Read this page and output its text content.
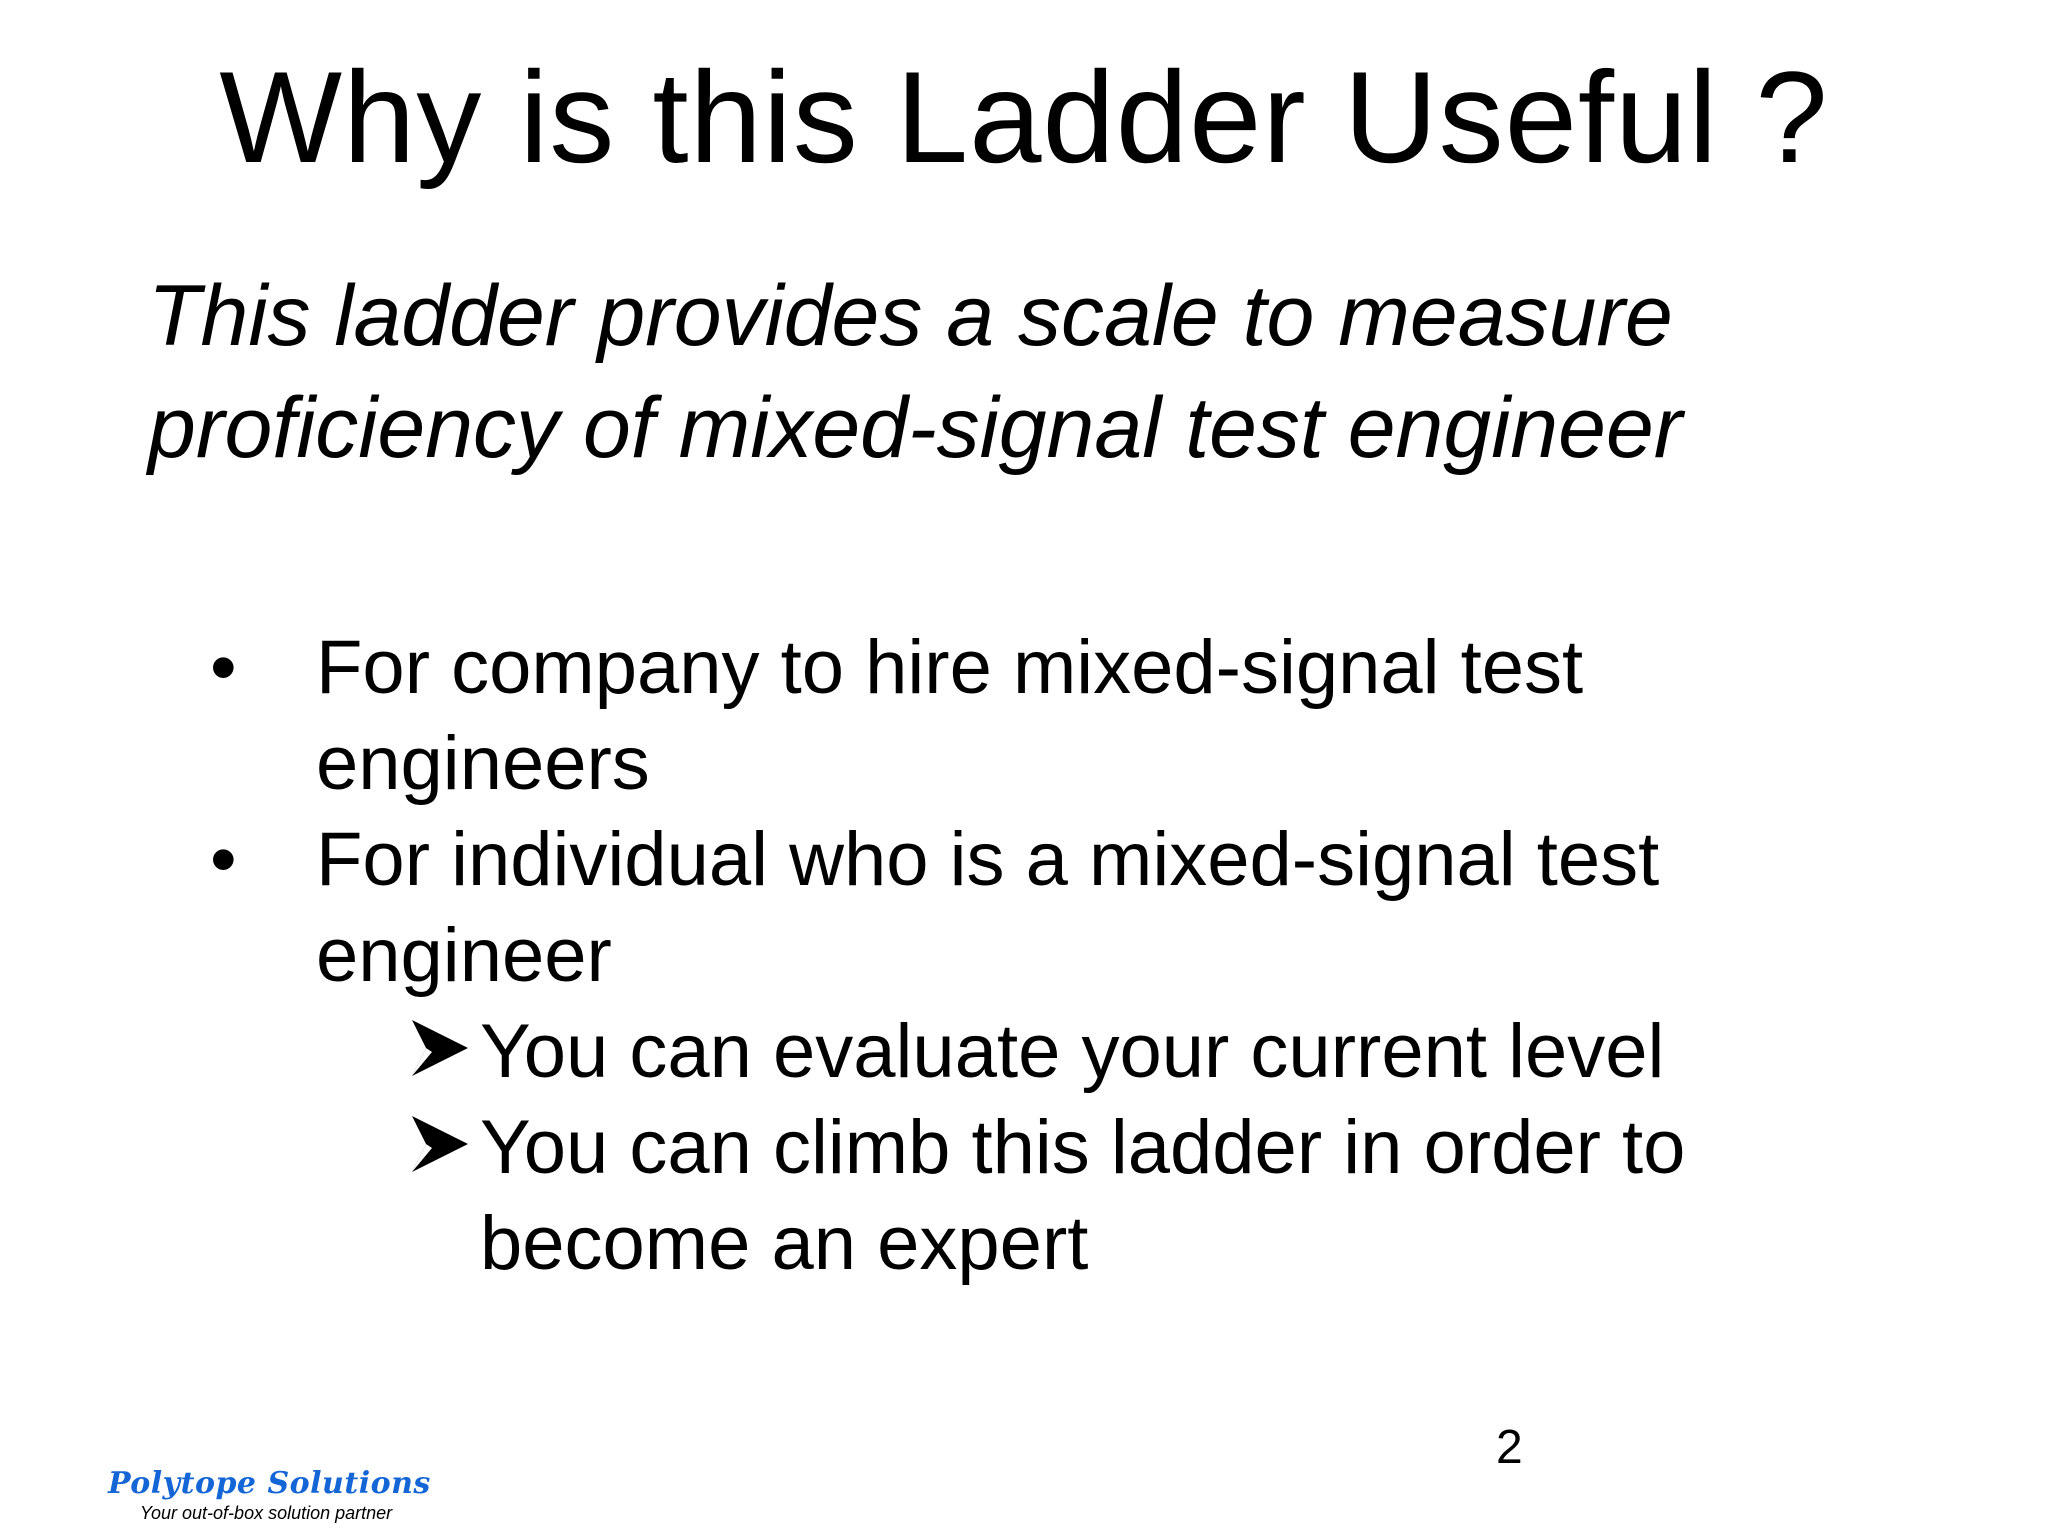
Why is this Ladder Useful ?

This ladder provides a scale to measure
proficiency of mixed-signal test engineer

• For company to hire mixed-signal test
engineers
• For individual who is a mixed-signal test
engineer
You can evaluate your current level
You can climb this ladder in order to
become an expert
2
Polytope Solutions
Your out-of-box solution partner
